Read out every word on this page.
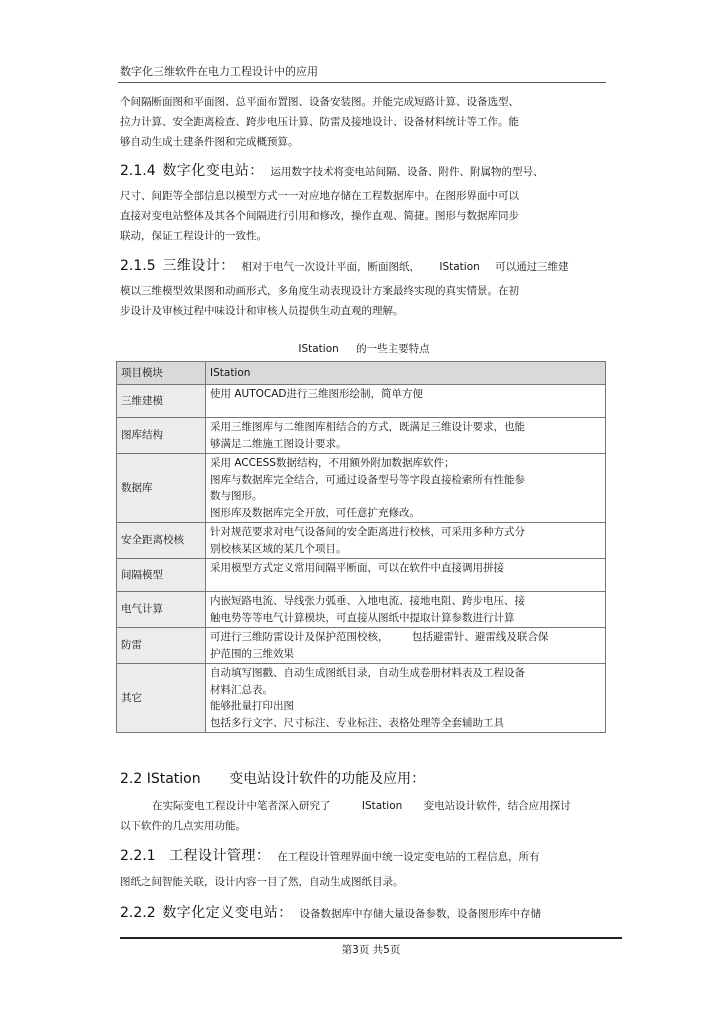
数字化三维软件在电力工程设计中的应用

个间隔断面图和平面图、总平面布置图、设备安装图。并能完成短路计算、设备选型、
拉力计算、安全距离检查、跨步电压计算、防雷及接地设计、设备材料统计等工作。能
够自动生成土建条件图和完成概预算。

2.1.4 数字化变电站： 运用数字技术将变电站间隔、设备、附件、附属物的型号、
尺寸、间距等全部信息以模型方式一一对应地存储在工程数据库中。在图形界面中可以
直接对变电站整体及其各个间隔进行引用和修改，操作直观、简捷。图形与数据库同步
联动，保证工程设计的一致性。

2.1.5 三维设计： 相对于电气一次设计平面，断面图纸， IStation 可以通过三维建
模以三维模型效果图和动画形式，多角度生动表现设计方案最终实现的真实情景。在初
步设计及审核过程中味设计和审核人员提供生动直观的理解。

IStation 的一些主要特点
项目模块	IStation
三维建模	使用 AUTOCAD进行三维图形绘制，简单方便

图库结构	采用三维图库与二维图库相结合的方式，既满足三维设计要求，也能
够满足二维施工图设计要求。

数据库	采用 ACCESS数据结构，不用额外附加数据库软件；
图库与数据库完全结合，可通过设备型号等字段直接检索所有性能参
数与图形。
图形库及数据库完全开放，可任意扩充修改。

安全距离校核	针对规范要求对电气设备间的安全距离进行校核，可采用多种方式分
别校核某区域的某几个项目。

间隔模型	采用模型方式定义常用间隔平断面，可以在软件中直接调用拼接

电气计算	内嵌短路电流、导线张力弧垂、入地电流、接地电阻、跨步电压、接
触电势等等电气计算模块，可直接从图纸中提取计算参数进行计算

防雷	可进行三维防雷设计及保护范围校核，       包括避雷针、避雷线及联合保
护范围的三维效果

其它	自动填写图戳、自动生成图纸目录，自动生成卷册材料表及工程设备
材料汇总表。
能够批量打印出图
包括多行文字、尺寸标注、专业标注、表格处理等全套辅助工具
2.2 IStation 变电站设计软件的功能及应用：

在实际变电工程设计中笔者深入研究了	IStation 变电站设计软件，结合应用探讨
以下软件的几点实用功能。

2.2.1 工程设计管理： 在工程设计管理界面中统一设定变电站的工程信息，所有
图纸之间智能关联，设计内容一目了然，自动生成图纸目录。

2.2.2 数字化定义变电站： 设备数据库中存储大量设备参数，设备图形库中存储

第3页 共5页
